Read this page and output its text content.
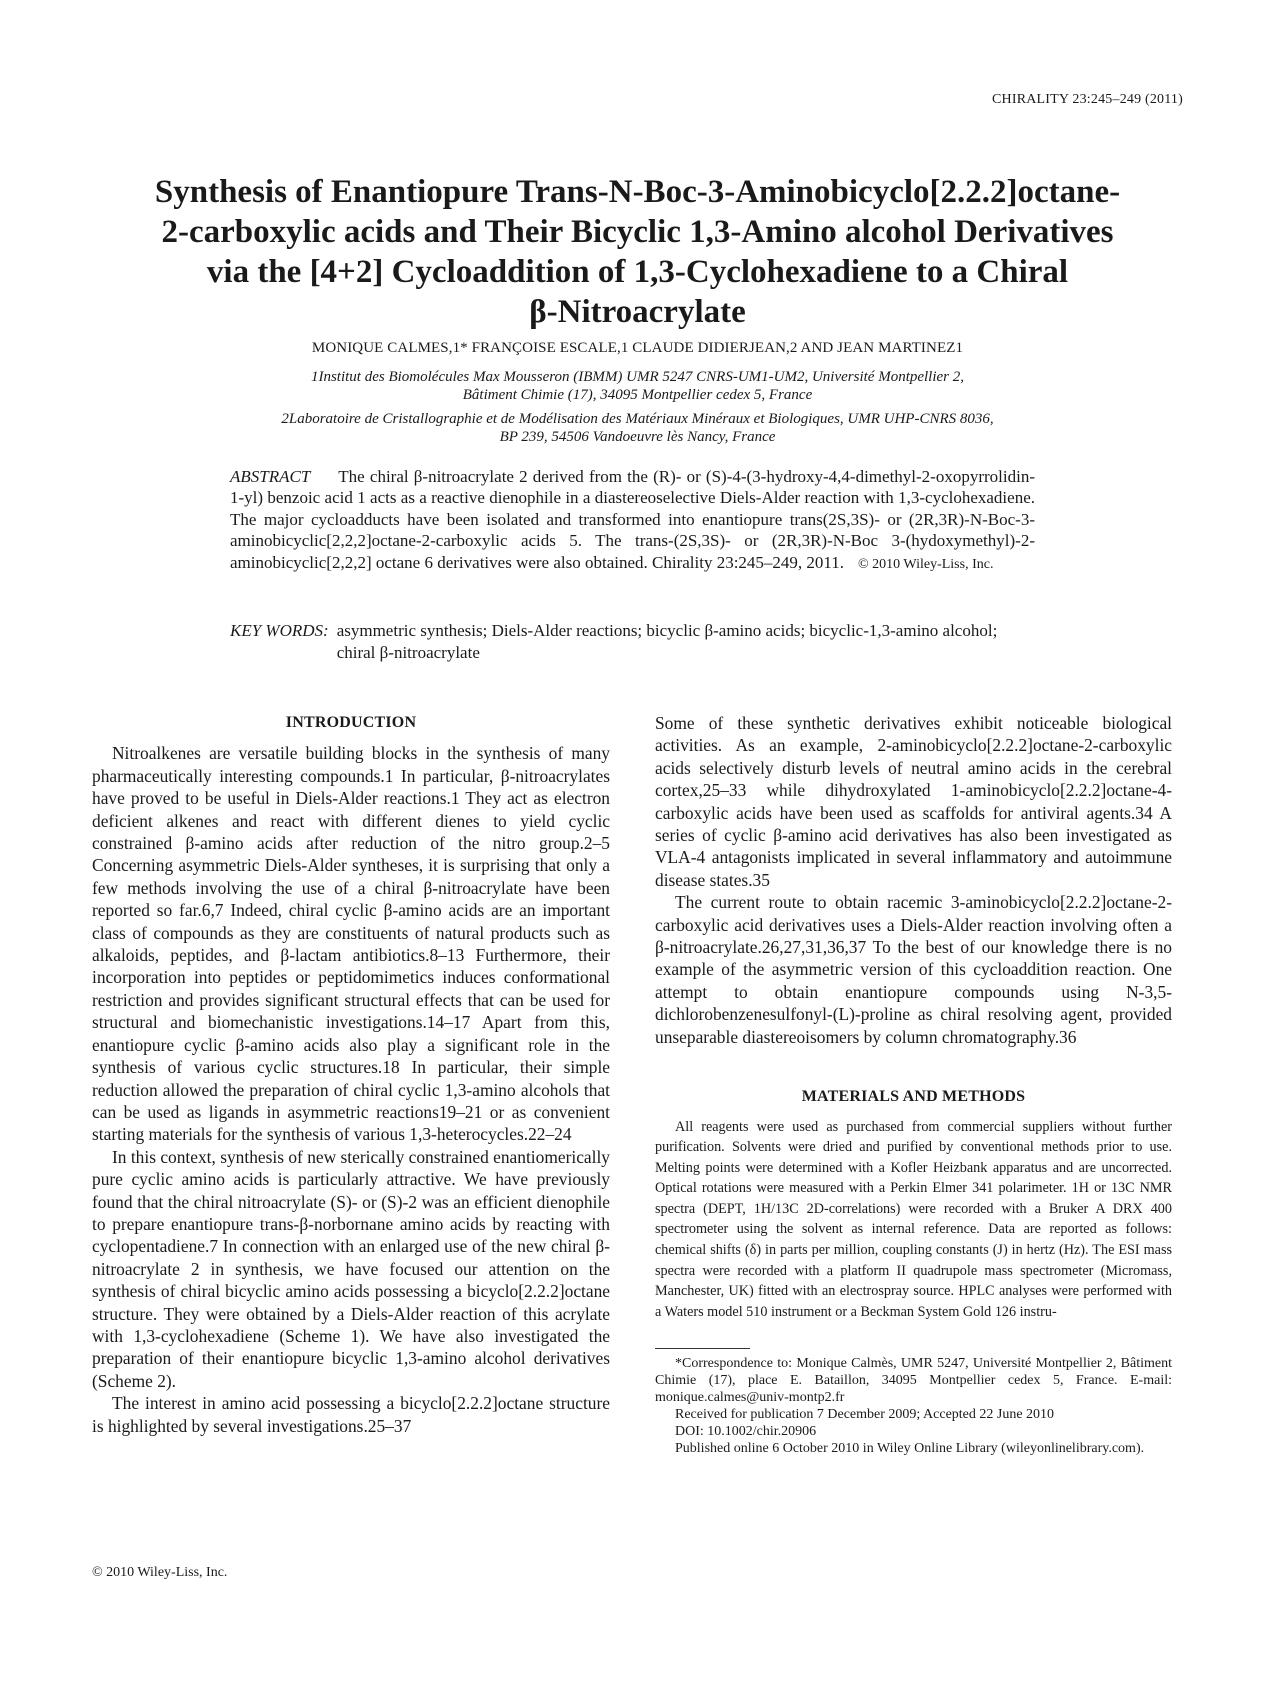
CHIRALITY 23:245–249 (2011)
Synthesis of Enantiopure Trans-N-Boc-3-Aminobicyclo[2.2.2]octane-
2-carboxylic acids and Their Bicyclic 1,3-Amino alcohol Derivatives
via the [4+2] Cycloaddition of 1,3-Cyclohexadiene to a Chiral
β-Nitroacrylate
MONIQUE CALMES,1* FRANÇOISE ESCALE,1 CLAUDE DIDIERJEAN,2 AND JEAN MARTINEZ1
1Institut des Biomolécules Max Mousseron (IBMM) UMR 5247 CNRS-UM1-UM2, Université Montpellier 2,
Bâtiment Chimie (17), 34095 Montpellier cedex 5, France
2Laboratoire de Cristallographie et de Modélisation des Matériaux Minéraux et Biologiques, UMR UHP-CNRS 8036,
BP 239, 54506 Vandoeuvre lès Nancy, France
ABSTRACT The chiral β-nitroacrylate 2 derived from the (R)- or (S)-4-(3-hydroxy-4,4-dimethyl-2-oxopyrrolidin-1-yl) benzoic acid 1 acts as a reactive dienophile in a diastereoselective Diels-Alder reaction with 1,3-cyclohexadiene. The major cycloadducts have been isolated and transformed into enantiopure trans(2S,3S)- or (2R,3R)-N-Boc-3-aminobicyclic[2,2,2]octane-2-carboxylic acids 5. The trans-(2S,3S)- or (2R,3R)-N-Boc 3-(hydoxymethyl)-2-aminobicyclic[2,2,2] octane 6 derivatives were also obtained. Chirality 23:245–249, 2011. © 2010 Wiley-Liss, Inc.
KEY WORDS: asymmetric synthesis; Diels-Alder reactions; bicyclic β-amino acids; bicyclic-1,3-amino alcohol; chiral β-nitroacrylate
INTRODUCTION

Nitroalkenes are versatile building blocks in the synthesis of many pharmaceutically interesting compounds.1 In particular, β-nitroacrylates have proved to be useful in Diels-Alder reactions.1 They act as electron deficient alkenes and react with different dienes to yield cyclic constrained β-amino acids after reduction of the nitro group.2–5 Concerning asymmetric Diels-Alder syntheses, it is surprising that only a few methods involving the use of a chiral β-nitroacrylate have been reported so far.6,7 Indeed, chiral cyclic β-amino acids are an important class of compounds as they are constituents of natural products such as alkaloids, peptides, and β-lactam antibiotics.8–13 Furthermore, their incorporation into peptides or peptidomimetics induces conformational restriction and provides significant structural effects that can be used for structural and biomechanistic investigations.14–17 Apart from this, enantiopure cyclic β-amino acids also play a significant role in the synthesis of various cyclic structures.18 In particular, their simple reduction allowed the preparation of chiral cyclic 1,3-amino alcohols that can be used as ligands in asymmetric reactions19–21 or as convenient starting materials for the synthesis of various 1,3-heterocycles.22–24

In this context, synthesis of new sterically constrained enantiomerically pure cyclic amino acids is particularly attractive. We have previously found that the chiral nitroacrylate (S)- or (S)-2 was an efficient dienophile to prepare enantiopure trans-β-norbornane amino acids by reacting with cyclopentadiene.7 In connection with an enlarged use of the new chiral β-nitroacrylate 2 in synthesis, we have focused our attention on the synthesis of chiral bicyclic amino acids possessing a bicyclo[2.2.2]octane structure. They were obtained by a Diels-Alder reaction of this acrylate with 1,3-cyclohexadiene (Scheme 1). We have also investigated the preparation of their enantiopure bicyclic 1,3-amino alcohol derivatives (Scheme 2).

The interest in amino acid possessing a bicyclo[2.2.2]octane structure is highlighted by several investigations.25–37

Some of these synthetic derivatives exhibit noticeable biological activities. As an example, 2-aminobicyclo[2.2.2]octane-2-carboxylic acids selectively disturb levels of neutral amino acids in the cerebral cortex,25–33 while dihydroxylated 1-aminobicyclo[2.2.2]octane-4-carboxylic acids have been used as scaffolds for antiviral agents.34 A series of cyclic β-amino acid derivatives has also been investigated as VLA-4 antagonists implicated in several inflammatory and autoimmune disease states.35

The current route to obtain racemic 3-aminobicyclo[2.2.2]octane-2-carboxylic acid derivatives uses a Diels-Alder reaction involving often a β-nitroacrylate.26,27,31,36,37 To the best of our knowledge there is no example of the asymmetric version of this cycloaddition reaction. One attempt to obtain enantiopure compounds using N-3,5-dichlorobenzenesulfonyl-(L)-proline as chiral resolving agent, provided unseparable diastereoisomers by column chromatography.36

MATERIALS AND METHODS

All reagents were used as purchased from commercial suppliers without further purification. Solvents were dried and purified by conventional methods prior to use. Melting points were determined with a Kofler Heizbank apparatus and are uncorrected. Optical rotations were measured with a Perkin Elmer 341 polarimeter. 1H or 13C NMR spectra (DEPT, 1H/13C 2D-correlations) were recorded with a Bruker A DRX 400 spectrometer using the solvent as internal reference. Data are reported as follows: chemical shifts (δ) in parts per million, coupling constants (J) in hertz (Hz). The ESI mass spectra were recorded with a platform II quadrupole mass spectrometer (Micromass, Manchester, UK) fitted with an electrospray source. HPLC analyses were performed with a Waters model 510 instrument or a Beckman System Gold 126 instru-

*Correspondence to: Monique Calmès, UMR 5247, Université Montpellier 2, Bâtiment Chimie (17), place E. Bataillon, 34095 Montpellier cedex 5, France. E-mail: monique.calmes@univ-montp2.fr

Received for publication 7 December 2009; Accepted 22 June 2010

DOI: 10.1002/chir.20906

Published online 6 October 2010 in Wiley Online Library (wileyonlinelibrary.com).

© 2010 Wiley-Liss, Inc.
